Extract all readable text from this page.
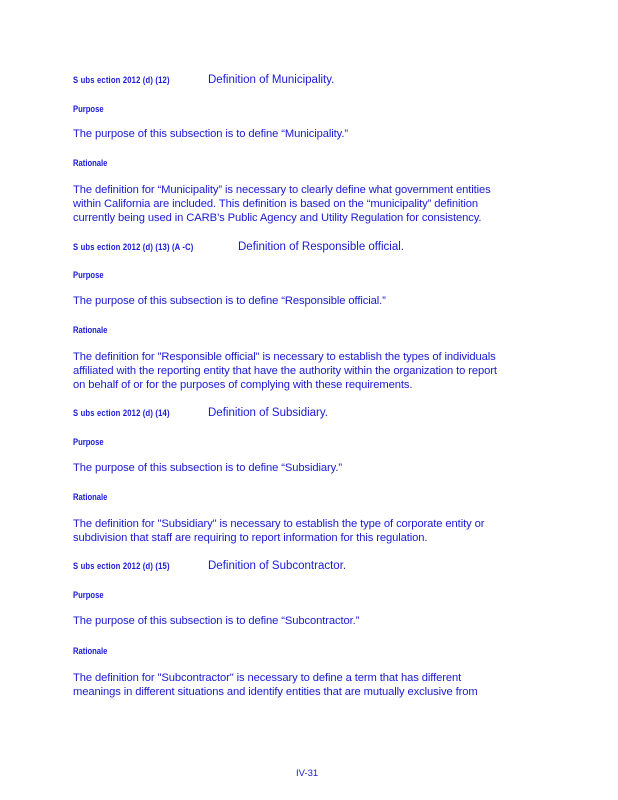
S ubs ection 2012 (d) (12)	Definition of Municipality.
Purpose
The purpose of this subsection is to define “Municipality.”
Rationale
The definition for “Municipality” is necessary to clearly define what government entities
within California are included. This definition is based on the “municipality” definition
currently being used in CARB’s Public Agency and Utility Regulation for consistency.
S ubs ection 2012 (d) (13) (A -C)	Definition of Responsible official.
Purpose
The purpose of this subsection is to define “Responsible official.”
Rationale
The definition for "Responsible official" is necessary to establish the types of individuals
affiliated with the reporting entity that have the authority within the organization to report
on behalf of or for the purposes of complying with these requirements.
S ubs ection 2012 (d) (14)	Definition of Subsidiary.
Purpose
The purpose of this subsection is to define “Subsidiary.”
Rationale
The definition for "Subsidiary" is necessary to establish the type of corporate entity or
subdivision that staff are requiring to report information for this regulation.
S ubs ection 2012 (d) (15)	Definition of Subcontractor.
Purpose
The purpose of this subsection is to define “Subcontractor.”
Rationale
The definition for "Subcontractor" is necessary to define a term that has different
meanings in different situations and identify entities that are mutually exclusive from
IV-31
